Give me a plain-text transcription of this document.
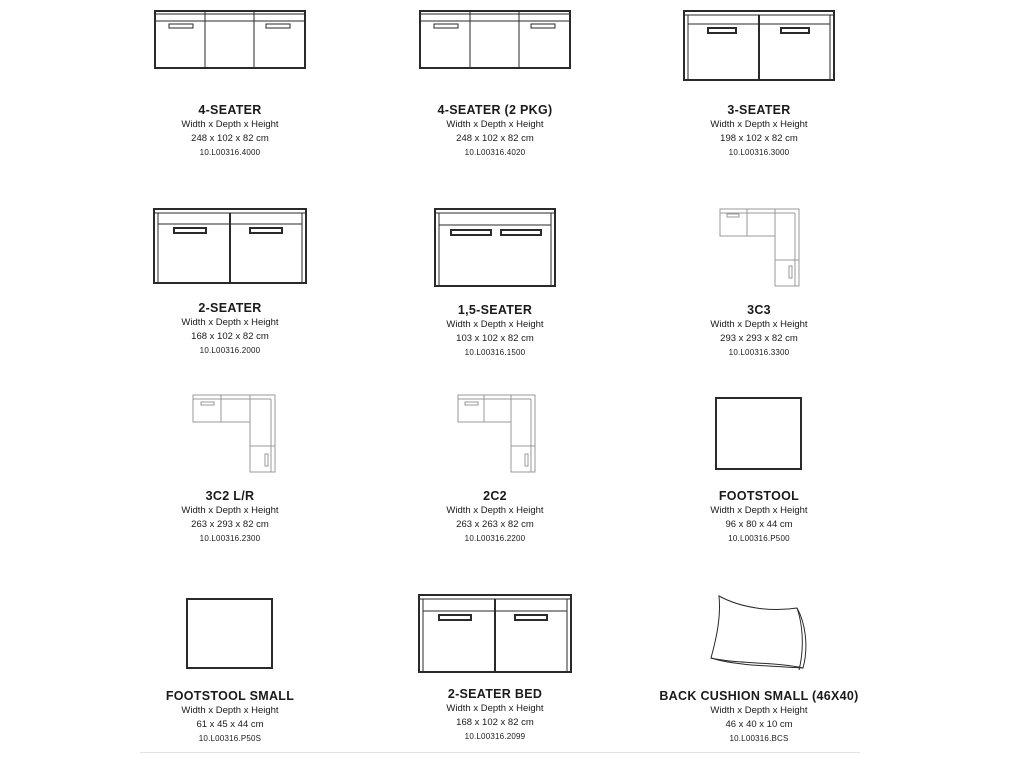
4-SEATER
Width x Depth x Height
248 x 102 x 82 cm
10.L00316.4000
4-SEATER (2 PKG)
Width x Depth x Height
248 x 102 x 82 cm
10.L00316.4020
3-SEATER
Width x Depth x Height
198 x 102 x 82 cm
10.L00316.3000
2-SEATER
Width x Depth x Height
168 x 102 x 82 cm
10.L00316.2000
1,5-SEATER
Width x Depth x Height
103 x 102 x 82 cm
10.L00316.1500
3C3
Width x Depth x Height
293 x 293 x 82 cm
10.L00316.3300
3C2 L/R
Width x Depth x Height
263 x 293 x 82 cm
10.L00316.2300
2C2
Width x Depth x Height
263 x 263 x 82 cm
10.L00316.2200
FOOTSTOOL
Width x Depth x Height
96 x 80 x 44 cm
10.L00316.P500
FOOTSTOOL SMALL
Width x Depth x Height
61 x 45 x 44 cm
10.L00316.P50S
2-SEATER BED
Width x Depth x Height
168 x 102 x 82 cm
10.L00316.2099
BACK CUSHION SMALL (46X40)
Width x Depth x Height
46 x 40 x 10 cm
10.L00316.BCS
